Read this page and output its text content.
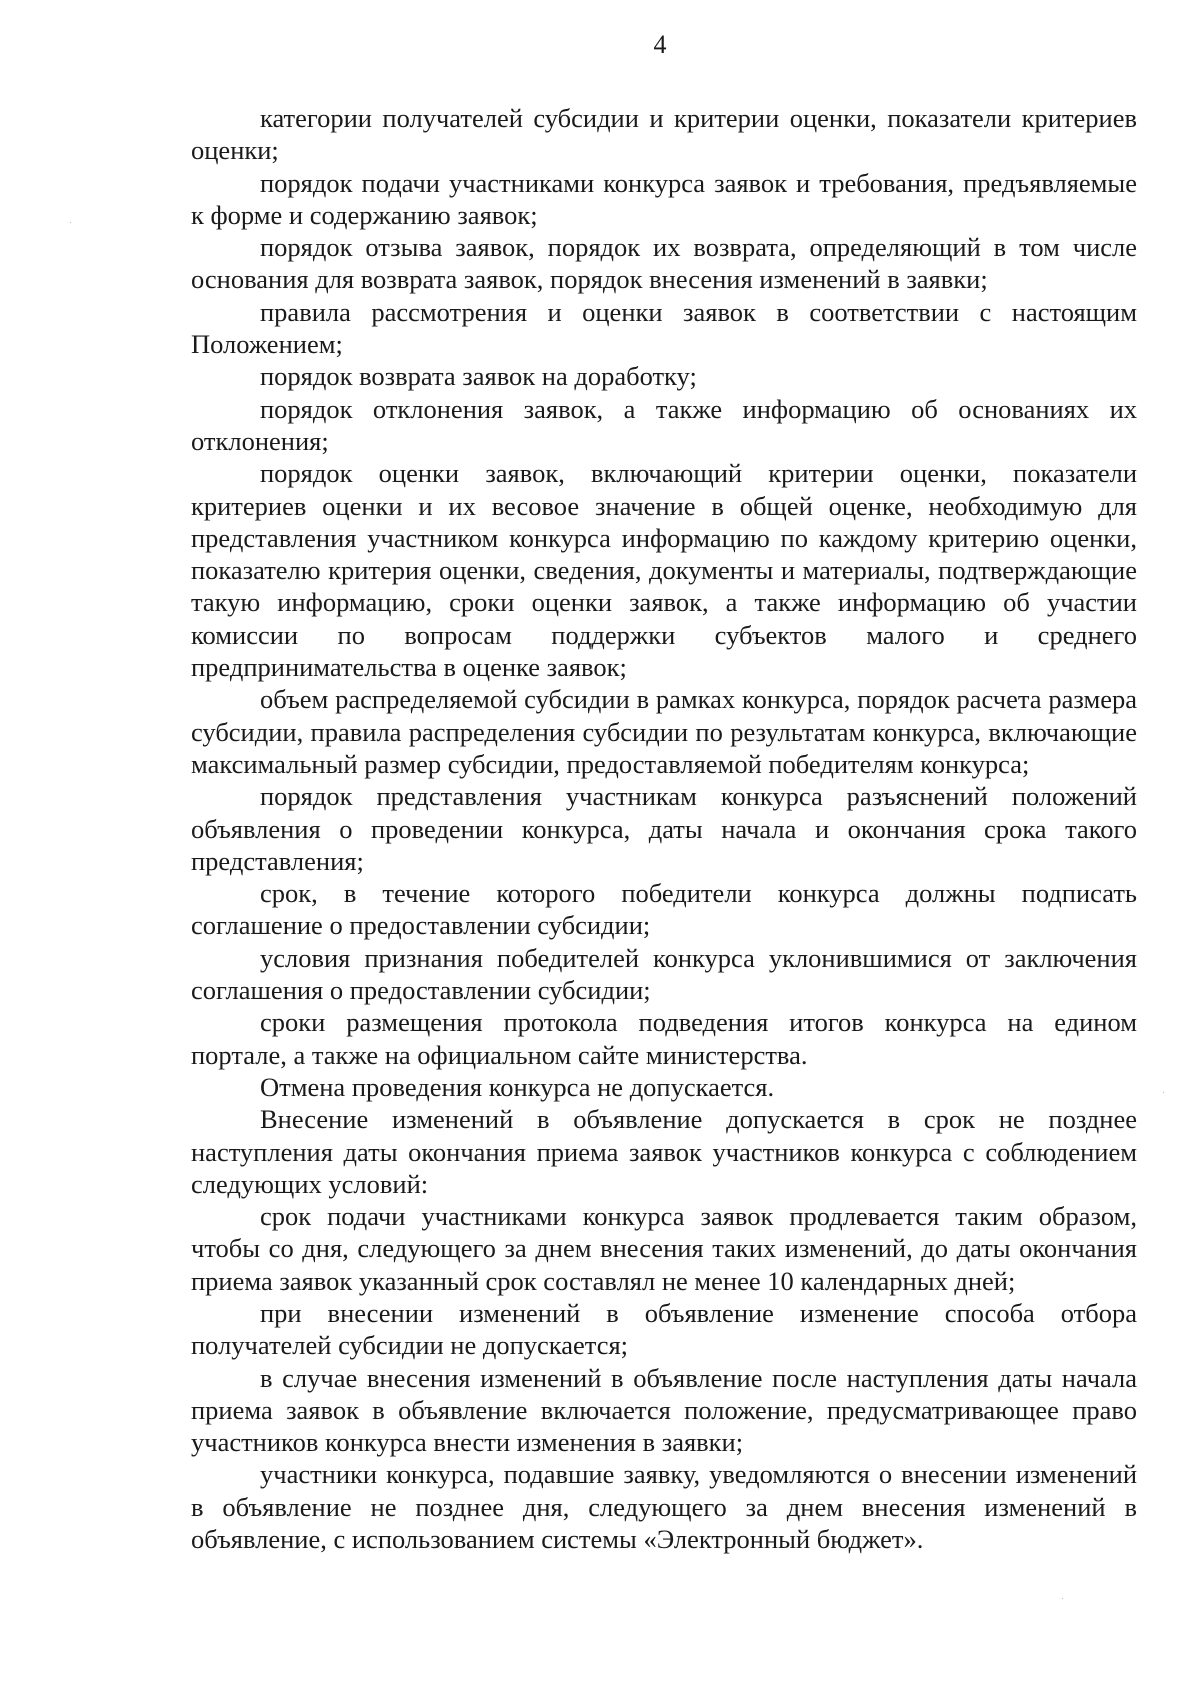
4

категории получателей субсидии и критерии оценки, показатели критериев оценки;

порядок подачи участниками конкурса заявок и требования, предъявляемые к форме и содержанию заявок;

порядок отзыва заявок, порядок их возврата, определяющий в том числе основания для возврата заявок, порядок внесения изменений в заявки;

правила рассмотрения и оценки заявок в соответствии с настоящим Положением;

порядок возврата заявок на доработку;

порядок отклонения заявок, а также информацию об основаниях их отклонения;

порядок оценки заявок, включающий критерии оценки, показатели критериев оценки и их весовое значение в общей оценке, необходимую для представления участником конкурса информацию по каждому критерию оценки, показателю критерия оценки, сведения, документы и материалы, подтверждающие такую информацию, сроки оценки заявок, а также информацию об участии комиссии по вопросам поддержки субъектов малого и среднего предпринимательства в оценке заявок;

объем распределяемой субсидии в рамках конкурса, порядок расчета размера субсидии, правила распределения субсидии по результатам конкурса, включающие максимальный размер субсидии, предоставляемой победителям конкурса;

порядок представления участникам конкурса разъяснений положений объявления о проведении конкурса, даты начала и окончания срока такого представления;

срок, в течение которого победители конкурса должны подписать соглашение о предоставлении субсидии;

условия признания победителей конкурса уклонившимися от заключения соглашения о предоставлении субсидии;

сроки размещения протокола подведения итогов конкурса на едином портале, а также на официальном сайте министерства.

Отмена проведения конкурса не допускается.

Внесение изменений в объявление допускается в срок не позднее наступления даты окончания приема заявок участников конкурса с соблюдением следующих условий:

срок подачи участниками конкурса заявок продлевается таким образом, чтобы со дня, следующего за днем внесения таких изменений, до даты окончания приема заявок указанный срок составлял не менее 10 календарных дней;

при внесении изменений в объявление изменение способа отбора получателей субсидии не допускается;

в случае внесения изменений в объявление после наступления даты начала приема заявок в объявление включается положение, предусматривающее право участников конкурса внести изменения в заявки;

участники конкурса, подавшие заявку, уведомляются о внесении изменений в объявление не позднее дня, следующего за днем внесения изменений в объявление, с использованием системы «Электронный бюджет».
